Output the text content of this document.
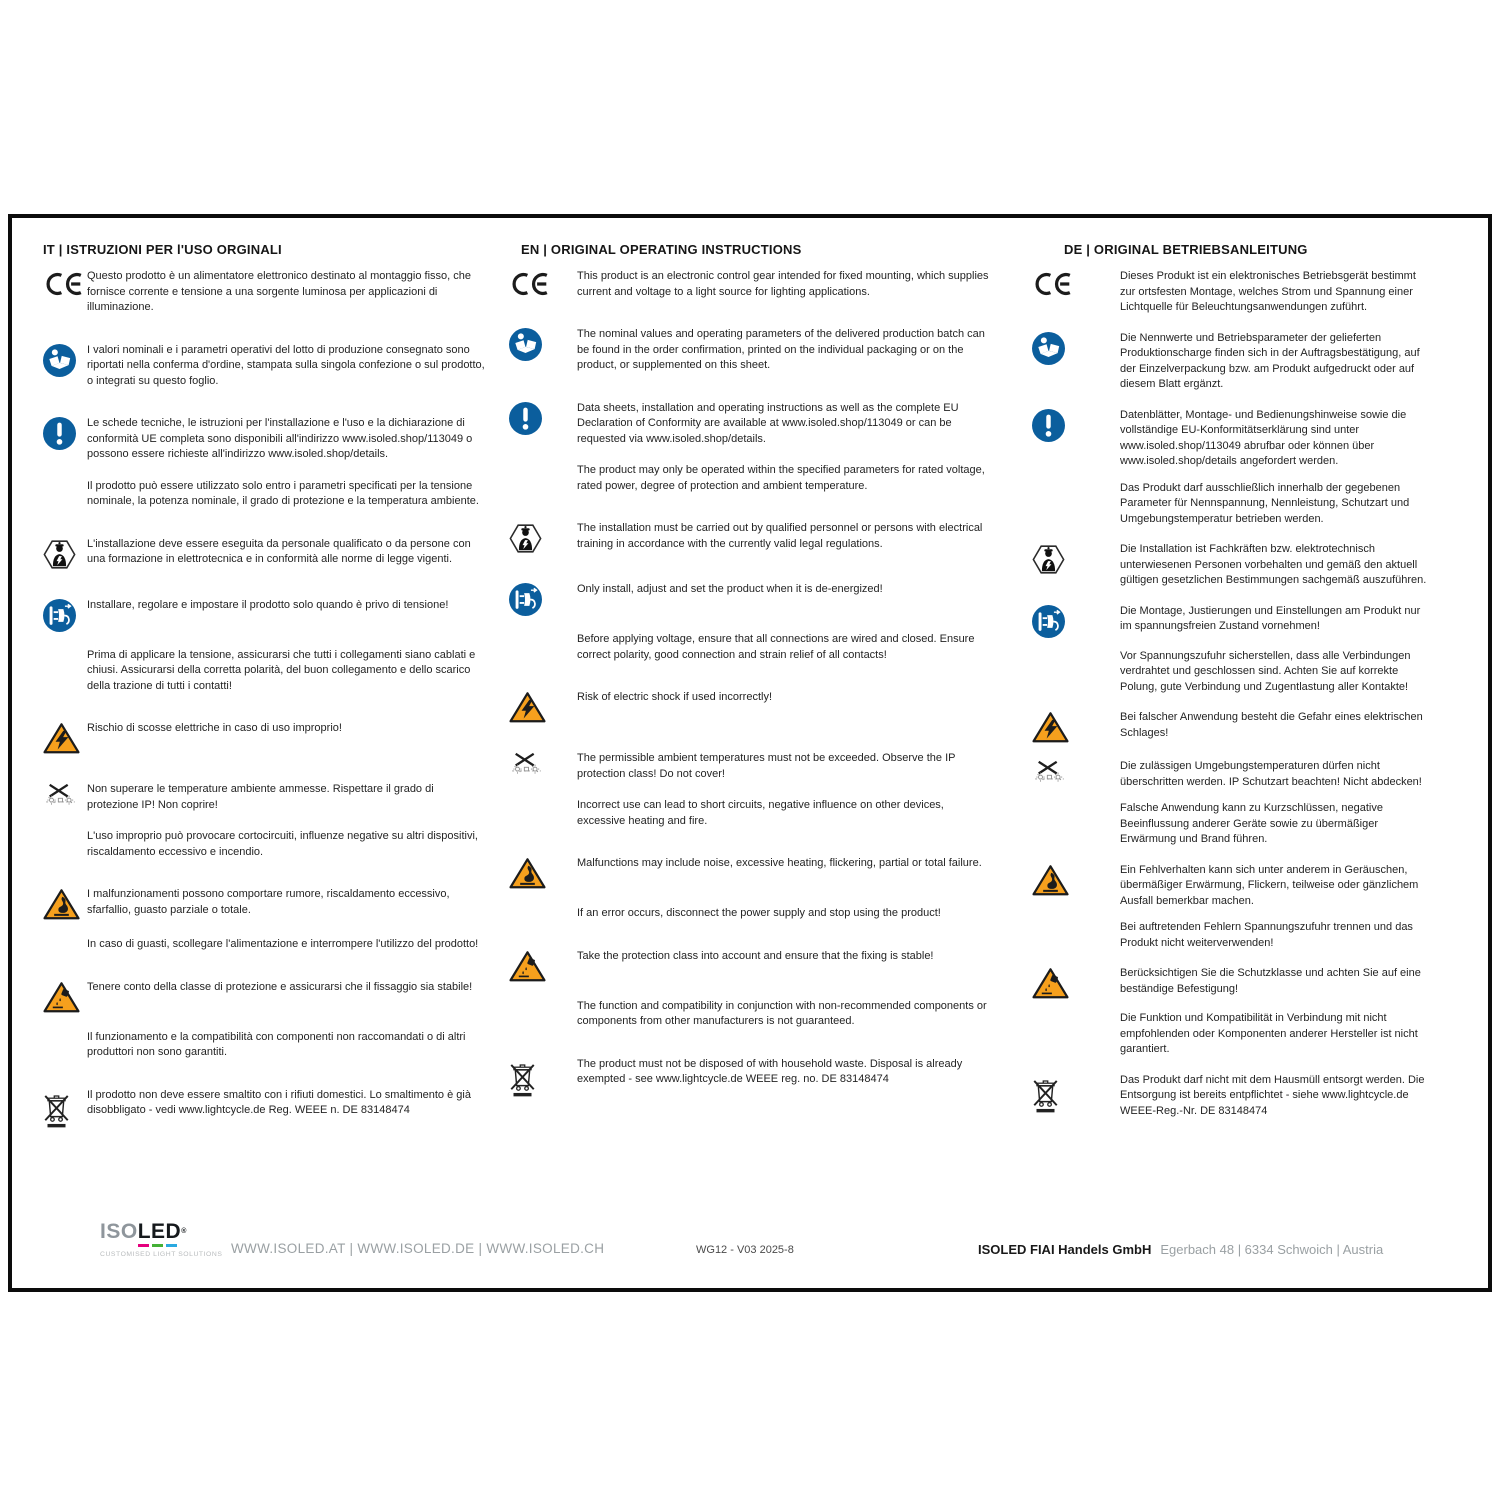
IT | ISTRUZIONI PER l'USO ORGINALI
Questo prodotto è un alimentatore elettronico destinato al montaggio fisso, che fornisce corrente e tensione a una sorgente luminosa per applicazioni di illuminazione.
I valori nominali e i parametri operativi del lotto di produzione consegnato sono riportati nella conferma d'ordine, stampata sulla singola confezione o sul prodotto, o integrati su questo foglio.
Le schede tecniche, le istruzioni per l'installazione e l'uso e la dichiarazione di conformità UE completa sono disponibili all'indirizzo www.isoled.shop/113049 o possono essere richieste all'indirizzo www.isoled.shop/details.
Il prodotto può essere utilizzato solo entro i parametri specificati per la tensione nominale, la potenza nominale, il grado di protezione e la temperatura ambiente.
L'installazione deve essere eseguita da personale qualificato o da persone con una formazione in elettrotecnica e in conformità alle norme di legge vigenti.
Installare, regolare e impostare il prodotto solo quando è privo di tensione!
Prima di applicare la tensione, assicurarsi che tutti i collegamenti siano cablati e chiusi. Assicurarsi della corretta polarità, del buon collegamento e dello scarico della trazione di tutti i contatti!
Rischio di scosse elettriche in caso di uso improprio!
Non superare le temperature ambiente ammesse. Rispettare il grado di protezione IP! Non coprire!
L'uso improprio può provocare cortocircuiti, influenze negative su altri dispositivi, riscaldamento eccessivo e incendio.
I malfunzionamenti possono comportare rumore, riscaldamento eccessivo, sfarfallio, guasto parziale o totale.
In caso di guasti, scollegare l'alimentazione e interrompere l'utilizzo del prodotto!
Tenere conto della classe di protezione e assicurarsi che il fissaggio sia stabile!
Il funzionamento e la compatibilità con componenti non raccomandati o di altri produttori non sono garantiti.
Il prodotto non deve essere smaltito con i rifiuti domestici. Lo smaltimento è già disobbligato - vedi www.lightcycle.de Reg. WEEE n. DE 83148474
EN | ORIGINAL OPERATING INSTRUCTIONS
This product is an electronic control gear intended for fixed mounting, which supplies current and voltage to a light source for lighting applications.
The nominal values and operating parameters of the delivered production batch can be found in the order confirmation, printed on the individual packaging or on the product, or supplemented on this sheet.
Data sheets, installation and operating instructions as well as the complete EU Declaration of Conformity are available at www.isoled.shop/113049 or can be requested via www.isoled.shop/details.
The product may only be operated within the specified parameters for rated voltage, rated power, degree of protection and ambient temperature.
The installation must be carried out by qualified personnel or persons with electrical training in accordance with the currently valid legal regulations.
Only install, adjust and set the product when it is de-energized!
Before applying voltage, ensure that all connections are wired and closed. Ensure correct polarity, good connection and strain relief of all contacts!
Risk of electric shock if used incorrectly!
The permissible ambient temperatures must not be exceeded. Observe the IP protection class! Do not cover!
Incorrect use can lead to short circuits, negative influence on other devices, excessive heating and fire.
Malfunctions may include noise, excessive heating, flickering, partial or total failure.
If an error occurs, disconnect the power supply and stop using the product!
Take the protection class into account and ensure that the fixing is stable!
The function and compatibility in conjunction with non-recommended components or components from other manufacturers is not guaranteed.
The product must not be disposed of with household waste. Disposal is already exempted - see www.lightcycle.de WEEE reg. no. DE 83148474
DE | ORIGINAL BETRIEBSANLEITUNG
Dieses Produkt ist ein elektronisches Betriebsgerät bestimmt zur ortsfesten Montage, welches Strom und Spannung einer Lichtquelle für Beleuchtungsanwendungen zuführt.
Die Nennwerte und Betriebsparameter der gelieferten Produktionscharge finden sich in der Auftragsbestätigung, auf der Einzelverpackung bzw. am Produkt aufgedruckt oder auf diesem Blatt ergänzt.
Datenblätter, Montage- und Bedienungshinweise sowie die vollständige EU-Konformitätserklärung sind unter www.isoled.shop/113049 abrufbar oder können über www.isoled.shop/details angefordert werden.
Das Produkt darf ausschließlich innerhalb der gegebenen Parameter für Nennspannung, Nennleistung, Schutzart und Umgebungstemperatur betrieben werden.
Die Installation ist Fachkräften bzw. elektrotechnisch unterwiesenen Personen vorbehalten und gemäß den aktuell gültigen gesetzlichen Bestimmungen sachgemäß auszuführen.
Die Montage, Justierungen und Einstellungen am Produkt nur im spannungsfreien Zustand vornehmen!
Vor Spannungszufuhr sicherstellen, dass alle Verbindungen verdrahtet und geschlossen sind. Achten Sie auf korrekte Polung, gute Verbindung und Zugentlastung aller Kontakte!
Bei falscher Anwendung besteht die Gefahr eines elektrischen Schlages!
Die zulässigen Umgebungstemperaturen dürfen nicht überschritten werden. IP Schutzart beachten! Nicht abdecken!
Falsche Anwendung kann zu Kurzschlüssen, negative Beeinflussung anderer Geräte sowie zu übermäßiger Erwärmung und Brand führen.
Ein Fehlverhalten kann sich unter anderem in Geräuschen, übermäßiger Erwärmung, Flickern, teilweise oder gänzlichem Ausfall bemerkbar machen.
Bei auftretenden Fehlern Spannungszufuhr trennen und das Produkt nicht weiterverwenden!
Berücksichtigen Sie die Schutzklasse und achten Sie auf eine beständige Befestigung!
Die Funktion und Kompatibilität in Verbindung mit nicht empfohlenden oder Komponenten anderer Hersteller ist nicht garantiert.
Das Produkt darf nicht mit dem Hausmüll entsorgt werden. Die Entsorgung ist bereits entpflichtet - siehe www.lightcycle.de WEEE-Reg.-Nr. DE 83148474
ISOLED®
CUSTOMISED LIGHT SOLUTIONS WWW.ISOLED.AT | WWW.ISOLED.DE | WWW.ISOLED.CH	WG12 - V03 2025-8	ISOLED FIAI Handels GmbH Egerbach 48 | 6334 Schwoich | Austria
